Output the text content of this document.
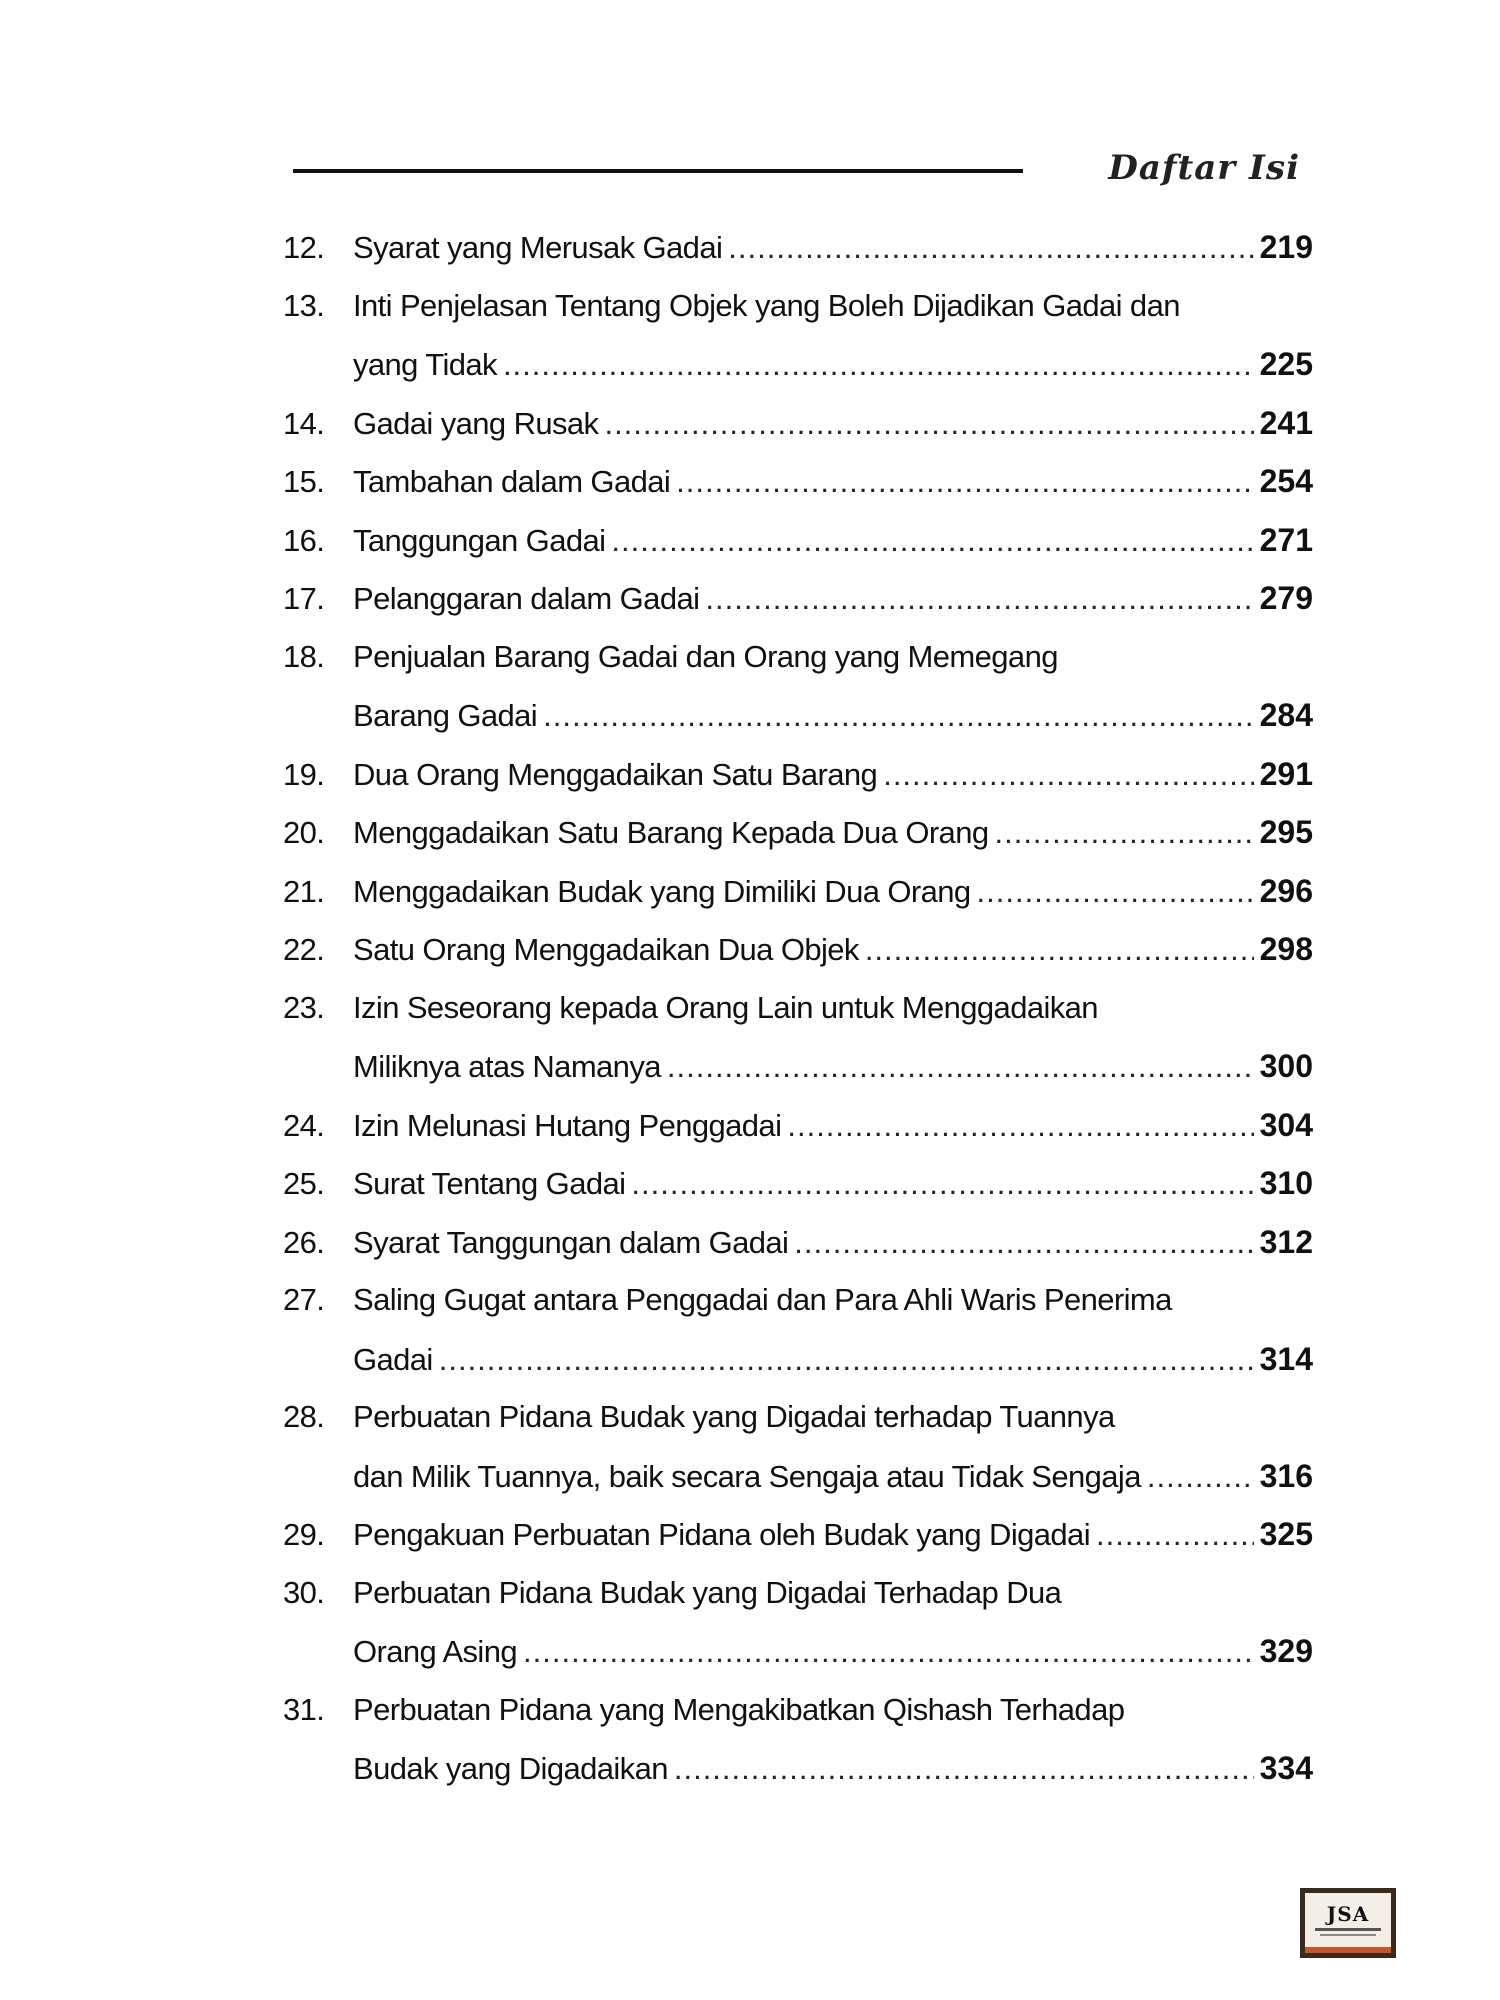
Daftar Isi
12. Syarat yang Merusak Gadai .....	219
13. Inti Penjelasan Tentang Objek yang Boleh Dijadikan Gadai dan
yang Tidak .....	225
14. Gadai yang Rusak .....	241
15. Tambahan dalam Gadai .....	254
16. Tanggungan Gadai .....	271
17. Pelanggaran dalam Gadai .....	279
18. Penjualan Barang Gadai dan Orang yang Memegang
Barang Gadai .....	284
19. Dua Orang Menggadaikan Satu Barang .....	291
20. Menggadaikan Satu Barang Kepada Dua Orang .....	295
21. Menggadaikan Budak yang Dimiliki Dua Orang .....	296
22. Satu Orang Menggadaikan Dua Objek .....	298
23. Izin Seseorang kepada Orang Lain untuk Menggadaikan
Miliknya atas Namanya .....	300
24. Izin Melunasi Hutang Penggadai .....	304
25. Surat Tentang Gadai .....	310
26. Syarat Tanggungan dalam Gadai .....	312
27. Saling Gugat antara Penggadai dan Para Ahli Waris Penerima
Gadai .....	314
28. Perbuatan Pidana Budak yang Digadai terhadap Tuannya
dan Milik Tuannya, baik secara Sengaja atau Tidak Sengaja .....	316
29. Pengakuan Perbuatan Pidana oleh Budak yang Digadai .....	325
30. Perbuatan Pidana Budak yang Digadai Terhadap Dua
Orang Asing .....	329
31. Perbuatan Pidana yang Mengakibatkan Qishash Terhadap
Budak yang Digadaikan .....	334
JSA
